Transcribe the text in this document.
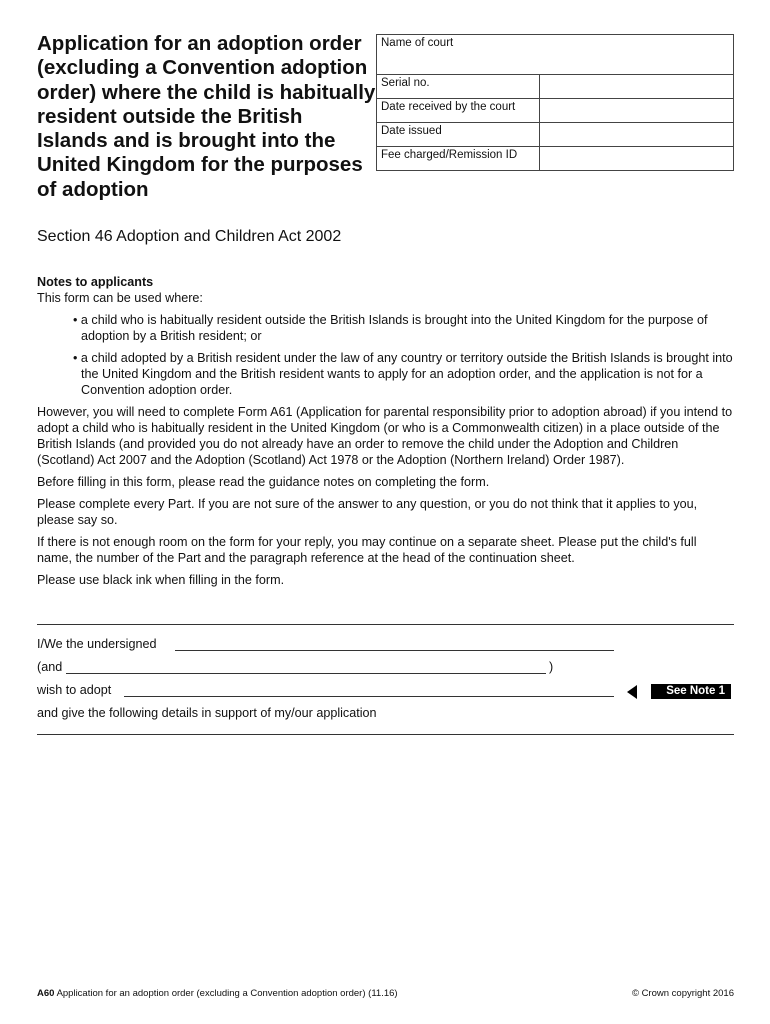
Application for an adoption order (excluding a Convention adoption order) where the child is habitually resident outside the British Islands and is brought into the United Kingdom for the purposes of adoption
Section 46 Adoption and Children Act 2002
Name of court	
Serial no.	
Date received by the court	
Date issued	
Fee charged/Remission ID	
Notes to applicants

This form can be used where:

• a child who is habitually resident outside the British Islands is brought into the United Kingdom for the purpose of adoption by a British resident; or
• a child adopted by a British resident under the law of any country or territory outside the British Islands is brought into the United Kingdom and the British resident wants to apply for an adoption order, and the application is not for a Convention adoption order.

However, you will need to complete Form A61 (Application for parental responsibility prior to adoption abroad) if you intend to adopt a child who is habitually resident in the United Kingdom (or who is a Commonwealth citizen) in a place outside of the British Islands (and provided you do not already have an order to remove the child under the Adoption and Children (Scotland) Act 2007 and the Adoption (Scotland) Act 1978 or the Adoption (Northern Ireland) Order 1987).

Before filling in this form, please read the guidance notes on completing the form.

Please complete every Part. If you are not sure of the answer to any question, or you do not think that it applies to you, please say so.

If there is not enough room on the form for your reply, you may continue on a separate sheet. Please put the child's full name, the number of the Part and the paragraph reference at the head of the continuation sheet.

Please use black ink when filling in the form.

I/We the undersigned
(and	)
wish to adopt	See Note 1
and give the following details in support of my/our application
A60 Application for an adoption order (excluding a Convention adoption order) (11.16)	© Crown copyright 2016
